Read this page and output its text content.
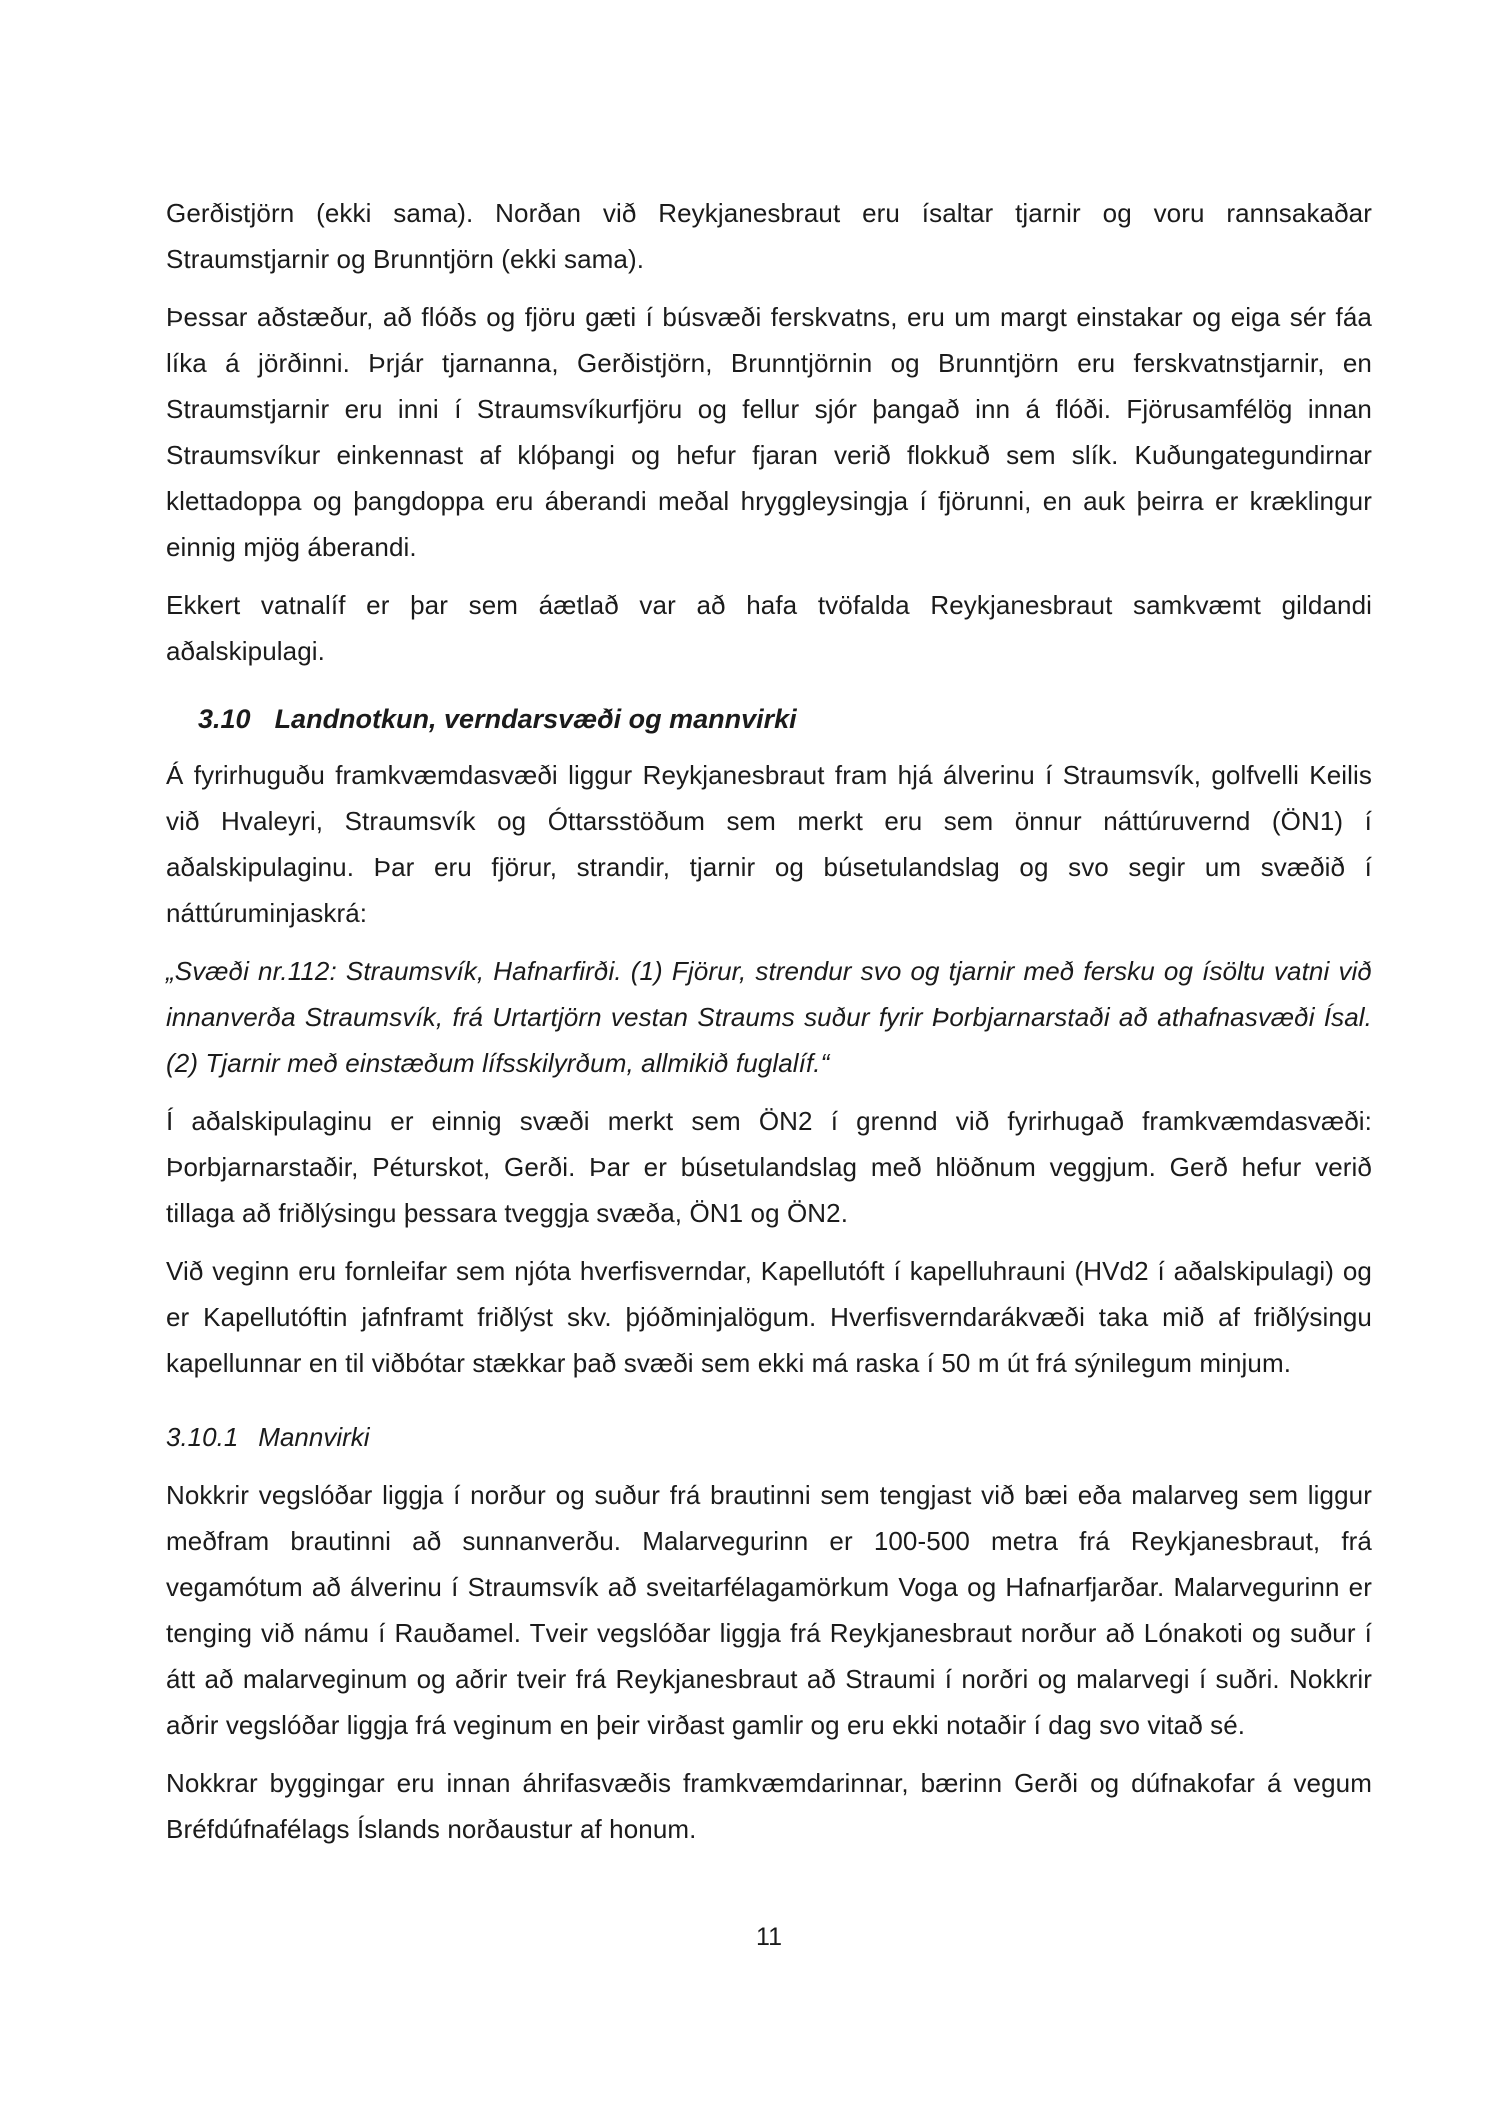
Gerðistjörn (ekki sama). Norðan við Reykjanesbraut eru ísaltar tjarnir og voru rannsakaðar Straumstjarnir og Brunntjörn (ekki sama).

Þessar aðstæður, að flóðs og fjöru gæti í búsvæði ferskvatns, eru um margt einstakar og eiga sér fáa líka á jörðinni. Þrjár tjarnanna, Gerðistjörn, Brunntjörnin og Brunntjörn eru ferskvatnstjarnir, en Straumstjarnir eru inni í Straumsvíkurfjöru og fellur sjór þangað inn á flóði. Fjörusamfélög innan Straumsvíkur einkennast af klóþangi og hefur fjaran verið flokkuð sem slík. Kuðungategundirnar klettadoppa og þangdoppa eru áberandi meðal hryggleysingja í fjörunni, en auk þeirra er kræklingur einnig mjög áberandi.

Ekkert vatnalíf er þar sem áætlað var að hafa tvöfalda Reykjanesbraut samkvæmt gildandi aðalskipulagi.

3.10 Landnotkun, verndarsvæði og mannvirki

Á fyrirhuguðu framkvæmdasvæði liggur Reykjanesbraut fram hjá álverinu í Straumsvík, golfvelli Keilis við Hvaleyri, Straumsvík og Óttarsstöðum sem merkt eru sem önnur náttúruvernd (ÖN1) í aðalskipulaginu. Þar eru fjörur, strandir, tjarnir og búsetulandslag og svo segir um svæðið í náttúruminjaskrá:

„Svæði nr.112: Straumsvík, Hafnarfirði. (1) Fjörur, strendur svo og tjarnir með fersku og ísöltu vatni við innanverða Straumsvík, frá Urtartjörn vestan Straums suður fyrir Þorbjarnarstaði að athafnasvæði Ísal. (2) Tjarnir með einstæðum lífsskilyrðum, allmikið fuglalíf.“

Í aðalskipulaginu er einnig svæði merkt sem ÖN2 í grennd við fyrirhugað framkvæmdasvæði: Þorbjarnarstaðir, Péturskot, Gerði. Þar er búsetulandslag með hlöðnum veggjum. Gerð hefur verið tillaga að friðlýsingu þessara tveggja svæða, ÖN1 og ÖN2.

Við veginn eru fornleifar sem njóta hverfisverndar, Kapellutóft í kapelluhrauni (HVd2 í aðalskipulagi) og er Kapellutóftin jafnframt friðlýst skv. þjóðminjalögum. Hverfisverndarákvæði taka mið af friðlýsingu kapellunnar en til viðbótar stækkar það svæði sem ekki má raska í 50 m út frá sýnilegum minjum.

3.10.1 Mannvirki

Nokkrir vegslóðar liggja í norður og suður frá brautinni sem tengjast við bæi eða malarveg sem liggur meðfram brautinni að sunnanverðu. Malarvegurinn er 100-500 metra frá Reykjanesbraut, frá vegamótum að álverinu í Straumsvík að sveitarfélagamörkum Voga og Hafnarfjarðar. Malarvegurinn er tenging við námu í Rauðamel. Tveir vegslóðar liggja frá Reykjanesbraut norður að Lónakoti og suður í átt að malarveginum og aðrir tveir frá Reykjanesbraut að Straumi í norðri og malarvegi í suðri. Nokkrir aðrir vegslóðar liggja frá veginum en þeir virðast gamlir og eru ekki notaðir í dag svo vitað sé.

Nokkrar byggingar eru innan áhrifasvæðis framkvæmdarinnar, bærinn Gerði og dúfnakofar á vegum Bréfdúfnafélags Íslands norðaustur af honum.

11
